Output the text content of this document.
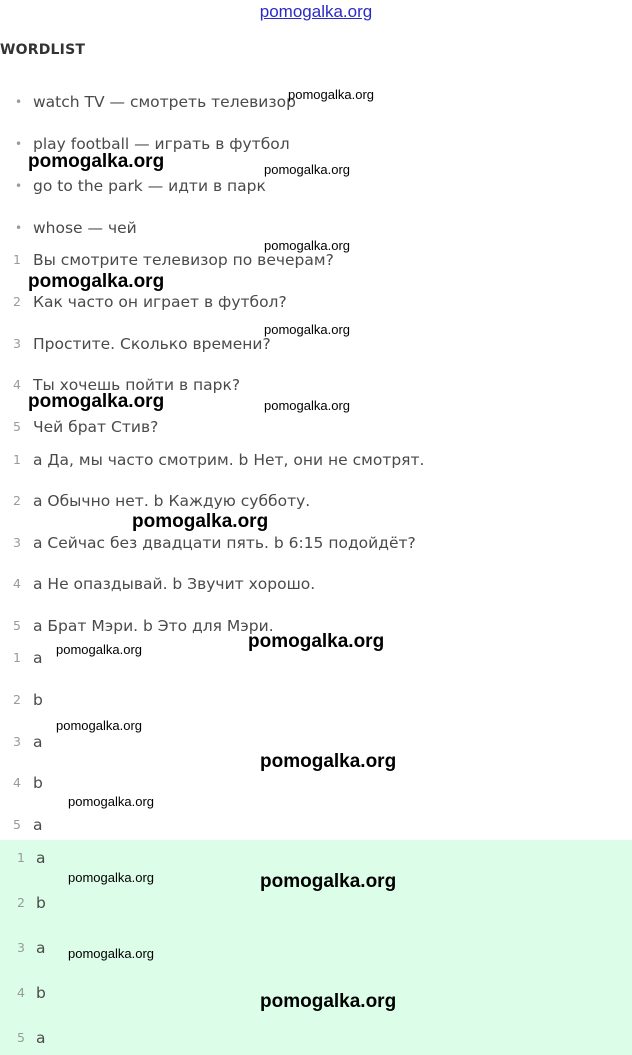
pomogalka.org
WORDLIST
• watch TV — смотреть телевизор
• play football — играть в футбол
• go to the park — идти в парк
• whose — чей
1 Вы смотрите телевизор по вечерам?
2 Как часто он играет в футбол?
3 Простите. Сколько времени?
4 Ты хочешь пойти в парк?
5 Чей брат Стив?
1 a Да, мы часто смотрим. b Нет, они не смотрят.
2 a Обычно нет. b Каждую субботу.
3 a Сейчас без двадцати пять. b 6:15 подойдёт?
4 a Не опаздывай. b Звучит хорошо.
5 a Брат Мэри. b Это для Мэри.
1 a
2 b
3 a
4 b
5 a
1 a
2 b
3 a
4 b
5 a
pomogalka.org
pomogalka.org	pomogalka.org
pomogalka.org
pomogalka.org
pomogalka.org
pomogalka.org	pomogalka.org
pomogalka.org
pomogalka.org
pomogalka.org
pomogalka.org
pomogalka.org
pomogalka.org
pomogalka.org	pomogalka.org
pomogalka.org
pomogalka.org
